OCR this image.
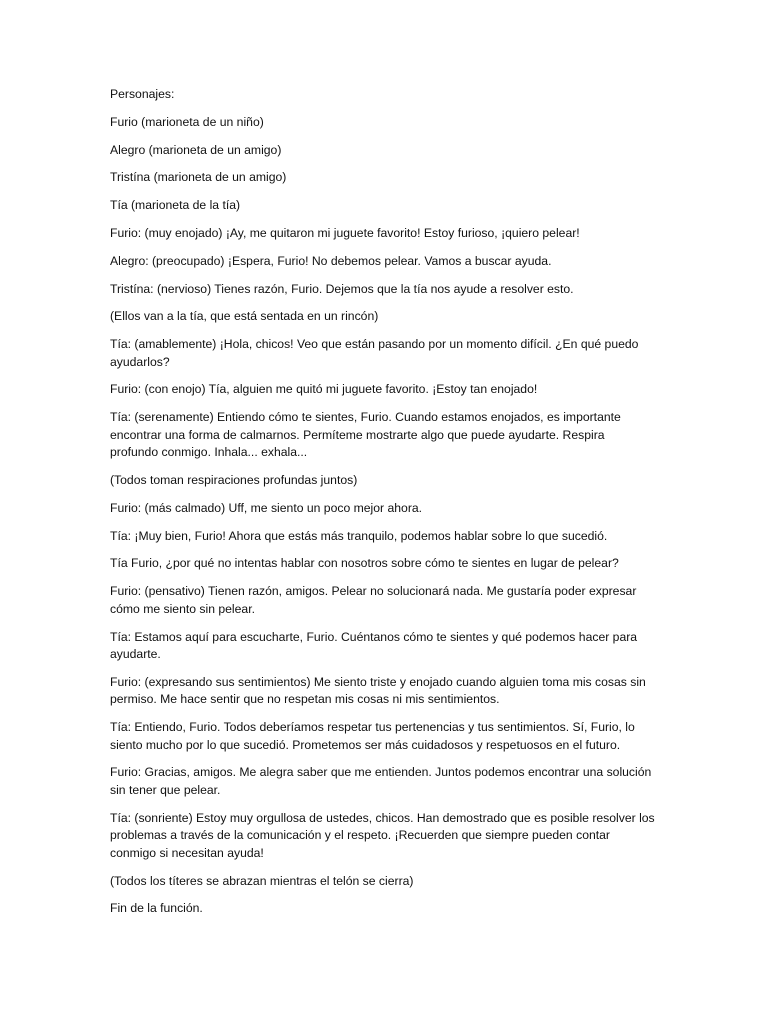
Personajes:

Furio (marioneta de un niño)

Alegro (marioneta de un amigo)

Tristína (marioneta de un amigo)

Tía (marioneta de la tía)

Furio: (muy enojado) ¡Ay, me quitaron mi juguete favorito! Estoy furioso, ¡quiero pelear!

Alegro: (preocupado) ¡Espera, Furio! No debemos pelear. Vamos a buscar ayuda.

Tristína: (nervioso) Tienes razón, Furio. Dejemos que la tía nos ayude a resolver esto.

(Ellos van a la tía, que está sentada en un rincón)

Tía: (amablemente) ¡Hola, chicos! Veo que están pasando por un momento difícil. ¿En qué puedo ayudarlos?

Furio: (con enojo) Tía, alguien me quitó mi juguete favorito. ¡Estoy tan enojado!

Tía: (serenamente) Entiendo cómo te sientes, Furio. Cuando estamos enojados, es importante encontrar una forma de calmarnos. Permíteme mostrarte algo que puede ayudarte. Respira profundo conmigo. Inhala... exhala...

(Todos toman respiraciones profundas juntos)

Furio: (más calmado) Uff, me siento un poco mejor ahora.

Tía: ¡Muy bien, Furio! Ahora que estás más tranquilo, podemos hablar sobre lo que sucedió.

Tía Furio, ¿por qué no intentas hablar con nosotros sobre cómo te sientes en lugar de pelear?

Furio: (pensativo) Tienen razón, amigos. Pelear no solucionará nada. Me gustaría poder expresar cómo me siento sin pelear.

Tía: Estamos aquí para escucharte, Furio. Cuéntanos cómo te sientes y qué podemos hacer para ayudarte.

Furio: (expresando sus sentimientos) Me siento triste y enojado cuando alguien toma mis cosas sin permiso. Me hace sentir que no respetan mis cosas ni mis sentimientos.

Tía: Entiendo, Furio. Todos deberíamos respetar tus pertenencias y tus sentimientos. Sí, Furio, lo siento mucho por lo que sucedió. Prometemos ser más cuidadosos y respetuosos en el futuro.

Furio: Gracias, amigos. Me alegra saber que me entienden. Juntos podemos encontrar una solución sin tener que pelear.

Tía: (sonriente) Estoy muy orgullosa de ustedes, chicos. Han demostrado que es posible resolver los problemas a través de la comunicación y el respeto. ¡Recuerden que siempre pueden contar conmigo si necesitan ayuda!

(Todos los títeres se abrazan mientras el telón se cierra)

Fin de la función.
